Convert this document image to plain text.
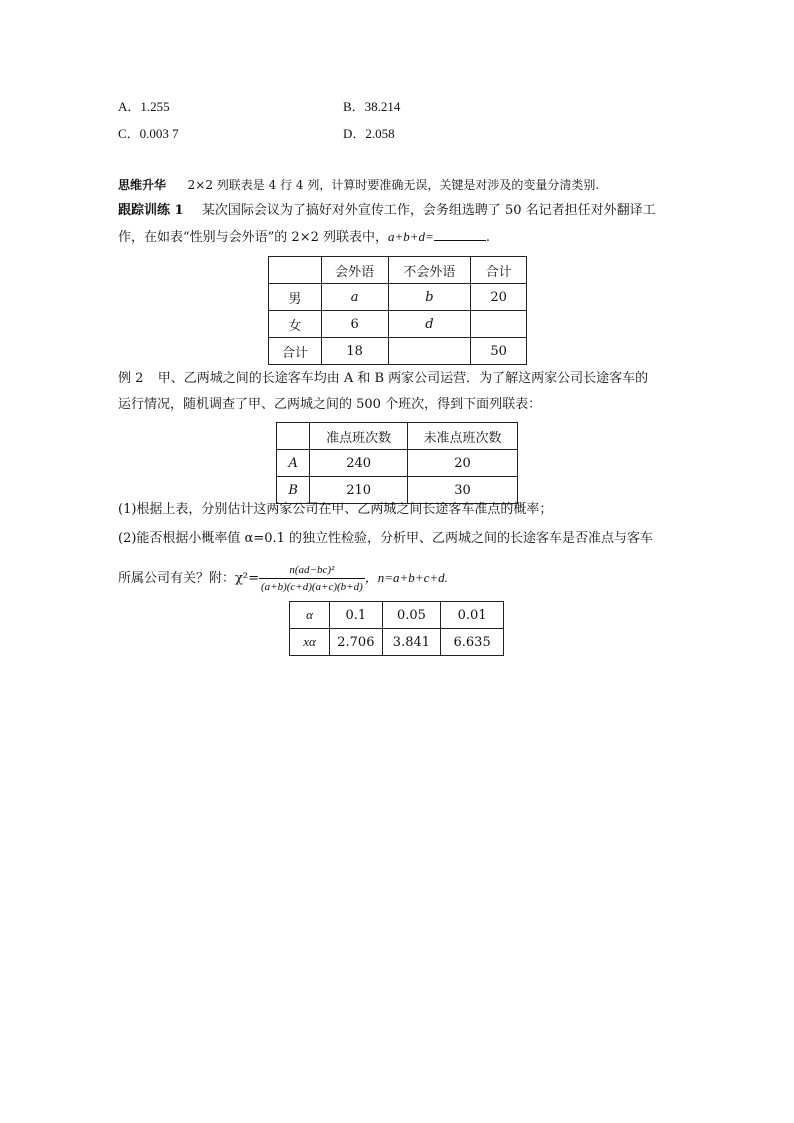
A．1.255	B．38.214
C．0.003 7	D．2.058
思维升华 2×2 列联表是 4 行 4 列，计算时要准确无误，关键是对涉及的变量分清类别.
跟踪训练 1 某次国际会议为了搞好对外宣传工作，会务组选聘了 50 名记者担任对外翻译工
作，在如表“性别与会外语”的 2×2 列联表中，a+b+d=	.
	会外语	不会外语	合计
男	a	b	20
女	6	d	
合计	18		50
例 2 甲、乙两城之间的长途客车均由 A 和 B 两家公司运营．为了解这两家公司长途客车的
运行情况，随机调查了甲、乙两城之间的 500 个班次，得到下面列联表：
	准点班次数	未准点班次数
A	240	20
B	210	30
(1)根据上表，分别估计这两家公司在甲、乙两城之间长途客车准点的概率；
(2)能否根据小概率值 α=0.1 的独立性检验，分析甲、乙两城之间的长途客车是否准点与客车
所属公司有关？附：$\chi^2= \frac{\text{n(ad−bc)²}}{(a+b)(c+d)(a+c)(b+d)}$ ，n=a+b+c+d.
α	0.1	0.05	0.01
xα	2.706	3.841	6.635
